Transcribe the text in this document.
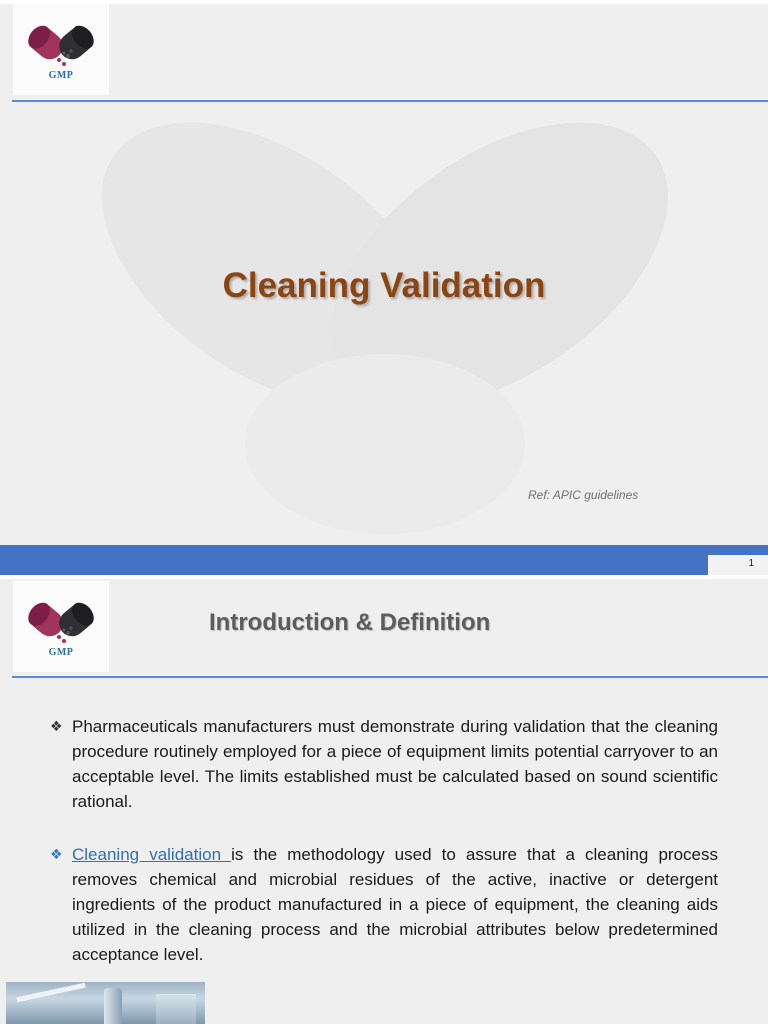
GMP
Cleaning Validation
Ref: APIC guidelines
1
GMP
Introduction & Definition
❖ Pharmaceuticals manufacturers must demonstrate during validation that the cleaning procedure routinely employed for a piece of equipment limits potential carryover to an acceptable level. The limits established must be calculated based on sound scientific rational.
❖ Cleaning validation is the methodology used to assure that a cleaning process removes chemical and microbial residues of the active, inactive or detergent ingredients of the product manufactured in a piece of equipment, the cleaning aids utilized in the cleaning process and the microbial attributes below predetermined acceptance level.
